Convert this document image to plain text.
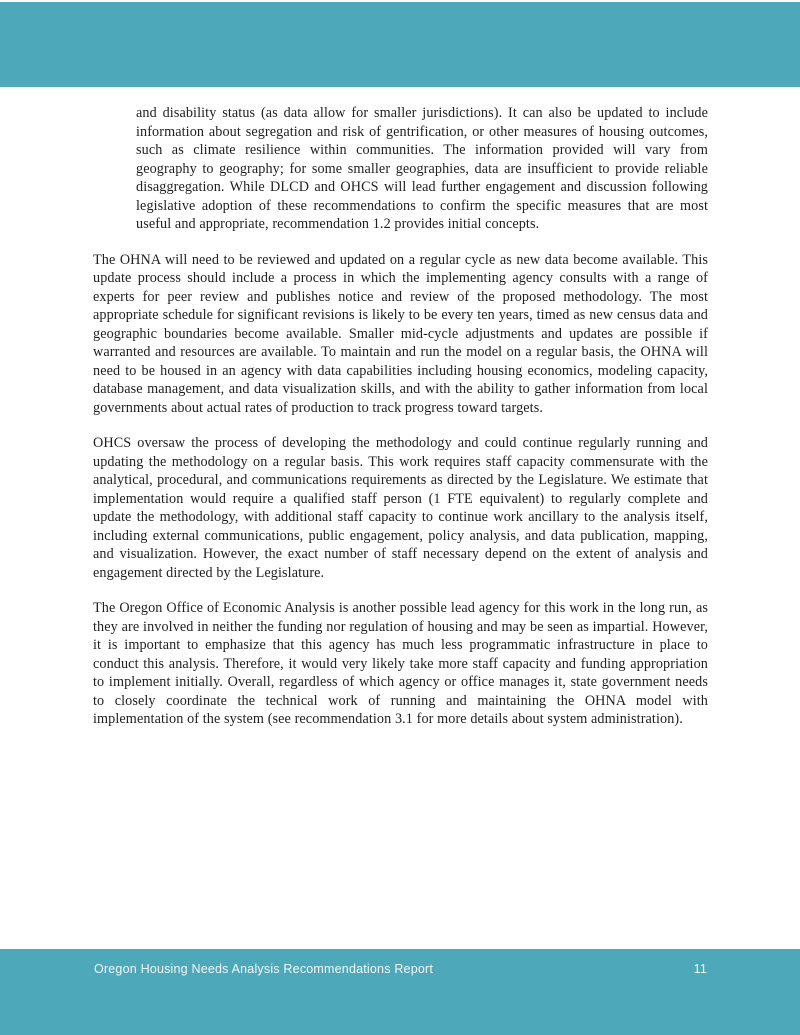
and disability status (as data allow for smaller jurisdictions). It can also be updated to include information about segregation and risk of gentrification, or other measures of housing outcomes, such as climate resilience within communities. The information provided will vary from geography to geography; for some smaller geographies, data are insufficient to provide reliable disaggregation. While DLCD and OHCS will lead further engagement and discussion following legislative adoption of these recommendations to confirm the specific measures that are most useful and appropriate, recommendation 1.2 provides initial concepts.

The OHNA will need to be reviewed and updated on a regular cycle as new data become available. This update process should include a process in which the implementing agency consults with a range of experts for peer review and publishes notice and review of the proposed methodology. The most appropriate schedule for significant revisions is likely to be every ten years, timed as new census data and geographic boundaries become available. Smaller mid-cycle adjustments and updates are possible if warranted and resources are available. To maintain and run the model on a regular basis, the OHNA will need to be housed in an agency with data capabilities including housing economics, modeling capacity, database management, and data visualization skills, and with the ability to gather information from local governments about actual rates of production to track progress toward targets.

OHCS oversaw the process of developing the methodology and could continue regularly running and updating the methodology on a regular basis. This work requires staff capacity commensurate with the analytical, procedural, and communications requirements as directed by the Legislature. We estimate that implementation would require a qualified staff person (1 FTE equivalent) to regularly complete and update the methodology, with additional staff capacity to continue work ancillary to the analysis itself, including external communications, public engagement, policy analysis, and data publication, mapping, and visualization. However, the exact number of staff necessary depend on the extent of analysis and engagement directed by the Legislature.

The Oregon Office of Economic Analysis is another possible lead agency for this work in the long run, as they are involved in neither the funding nor regulation of housing and may be seen as impartial. However, it is important to emphasize that this agency has much less programmatic infrastructure in place to conduct this analysis. Therefore, it would very likely take more staff capacity and funding appropriation to implement initially. Overall, regardless of which agency or office manages it, state government needs to closely coordinate the technical work of running and maintaining the OHNA model with implementation of the system (see recommendation 3.1 for more details about system administration).

Oregon Housing Needs Analysis Recommendations Report	11
